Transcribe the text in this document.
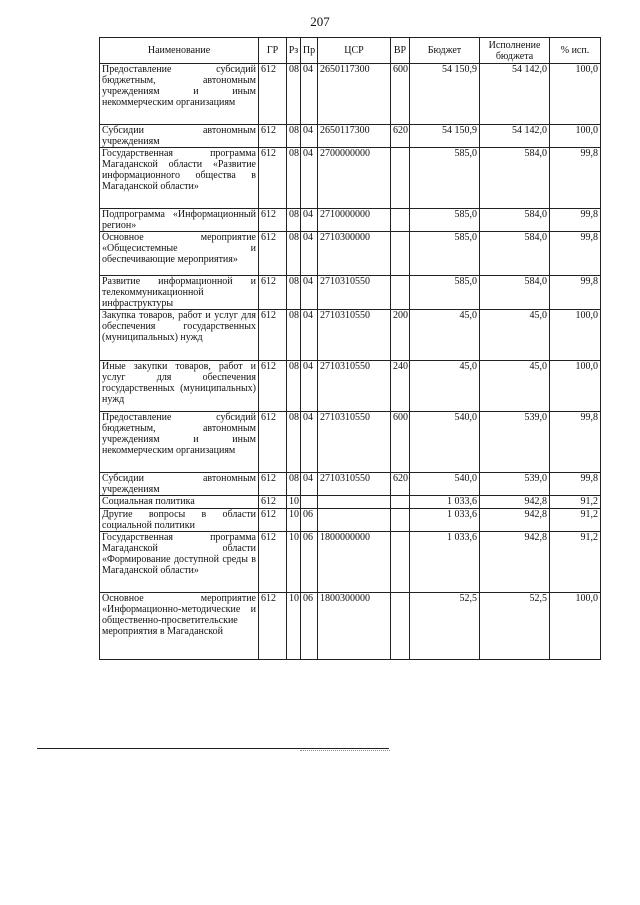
207
Наименование	ГР	Рз	Пр	ЦСР	ВР	Бюджет	Исполнение бюджета	% исп.
Предоставление субсидий бюджетным, автономным учреждениям и иным некоммерческим организациям	612	08	04	2650117300	600	54 150,9	54 142,0	100,0
Субсидии автономным учреждениям	612	08	04	2650117300	620	54 150,9	54 142,0	100,0
Государственная программа Магаданской области «Развитие информационного общества в Магаданской области»	612	08	04	2700000000		585,0	584,0	99,8
Подпрограмма «Информационный регион»	612	08	04	2710000000		585,0	584,0	99,8
Основное мероприятие «Общесистемные и обеспечивающие мероприятия»	612	08	04	2710300000		585,0	584,0	99,8
Развитие информационной и телекоммуникационной инфраструктуры	612	08	04	2710310550		585,0	584,0	99,8
Закупка товаров, работ и услуг для обеспечения государственных (муниципальных) нужд	612	08	04	2710310550	200	45,0	45,0	100,0
Иные закупки товаров, работ и услуг для обеспечения государственных (муниципальных) нужд	612	08	04	2710310550	240	45,0	45,0	100,0
Предоставление субсидий бюджетным, автономным учреждениям и иным некоммерческим организациям	612	08	04	2710310550	600	540,0	539,0	99,8
Субсидии автономным учреждениям	612	08	04	2710310550	620	540,0	539,0	99,8
Социальная политика	612	10				1 033,6	942,8	91,2
Другие вопросы в области социальной политики	612	10	06			1 033,6	942,8	91,2
Государственная программа Магаданской области «Формирование доступной среды в Магаданской области»	612	10	06	1800000000		1 033,6	942,8	91,2
Основное мероприятие «Информационно-методические и общественно-просветительские мероприятия в Магаданской	612	10	06	1800300000		52,5	52,5	100,0
